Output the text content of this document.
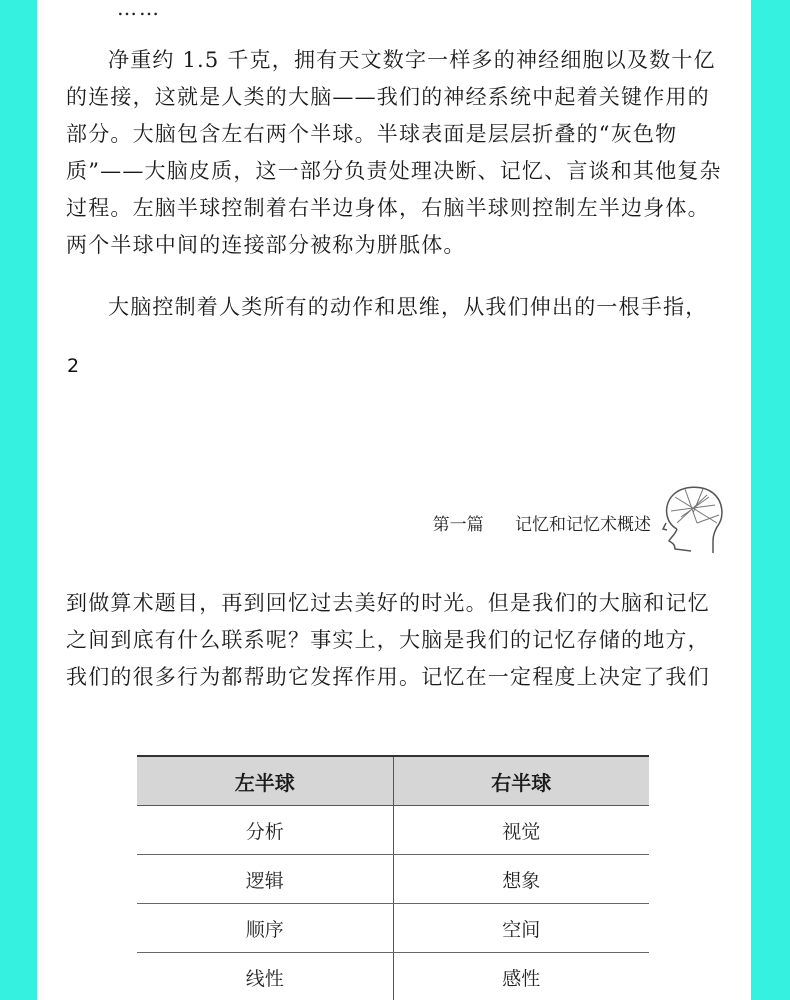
……

净重约 1.5 千克，拥有天文数字一样多的神经细胞以及数十亿的连接，这就是人类的大脑——我们的神经系统中起着关键作用的部分。大脑包含左右两个半球。半球表面是层层折叠的“灰色物质”——大脑皮质，这一部分负责处理决断、记忆、言谈和其他复杂过程。左脑半球控制着右半边身体，右脑半球则控制左半边身体。两个半球中间的连接部分被称为胼胝体。

大脑控制着人类所有的动作和思维，从我们伸出的一根手指，

2
第一篇 记忆和记忆术概述

到做算术题目，再到回忆过去美好的时光。但是我们的大脑和记忆之间到底有什么联系呢？事实上，大脑是我们的记忆存储的地方，我们的很多行为都帮助它发挥作用。记忆在一定程度上决定了我们

左半球	右半球
分析	视觉
逻辑	想象
顺序	空间
线性	感性
